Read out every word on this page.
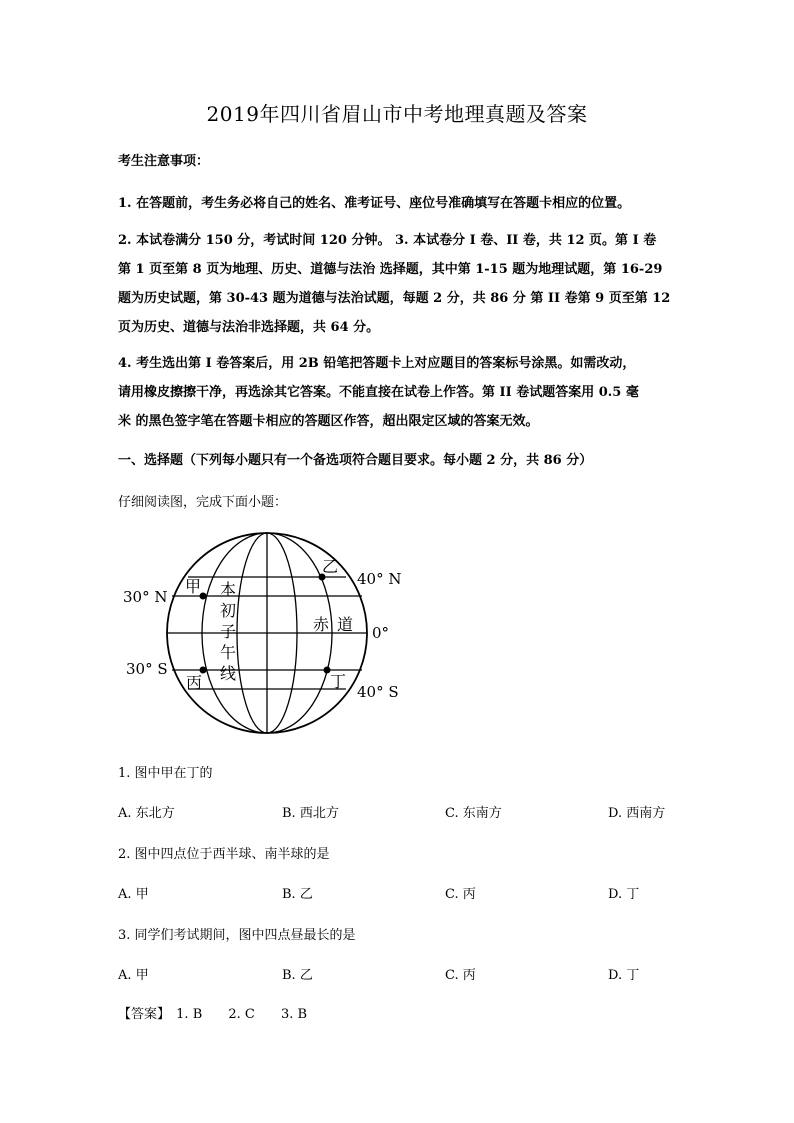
2019年四川省眉山市中考地理真题及答案
考生注意事项：
1. 在答题前，考生务必将自己的姓名、准考证号、座位号准确填写在答题卡相应的位置。
2. 本试卷满分 150 分，考试时间 120 分钟。 3. 本试卷分 I 卷、II 卷，共 12 页。第 I 卷
第 1 页至第 8 页为地理、历史、道德与法治 选择题，其中第 1-15 题为地理试题，第 16-29
题为历史试题，第 30-43 题为道德与法治试题，每题 2 分，共 86 分 第 II 卷第 9 页至第 12
页为历史、道德与法治非选择题，共 64 分。
4. 考生选出第 I 卷答案后，用 2B 铅笔把答题卡上对应题目的答案标号涂黑。如需改动，
请用橡皮擦擦干净，再选涂其它答案。不能直接在试卷上作答。第 II 卷试题答案用 0.5 毫
米 的黑色签字笔在答题卡相应的答题区作答，超出限定区域的答案无效。
一、选择题（下列每小题只有一个备选项符合题目要求。每小题 2 分，共 86 分）
仔细阅读图，完成下面小题：
30° N
30° S
40° N
40° S
0°
甲
乙
丙	丁
本
初
子
午
线
赤 道
1. 图中甲在丁的
A. 东北方	B. 西北方	C. 东南方	D. 西南方
2. 图中四点位于西半球、南半球的是
A. 甲	B. 乙	C. 丙	D. 丁
3. 同学们考试期间，图中四点昼最长的是
A. 甲	B. 乙	C. 丙	D. 丁
【答案】 1. B 2. C 3. B
